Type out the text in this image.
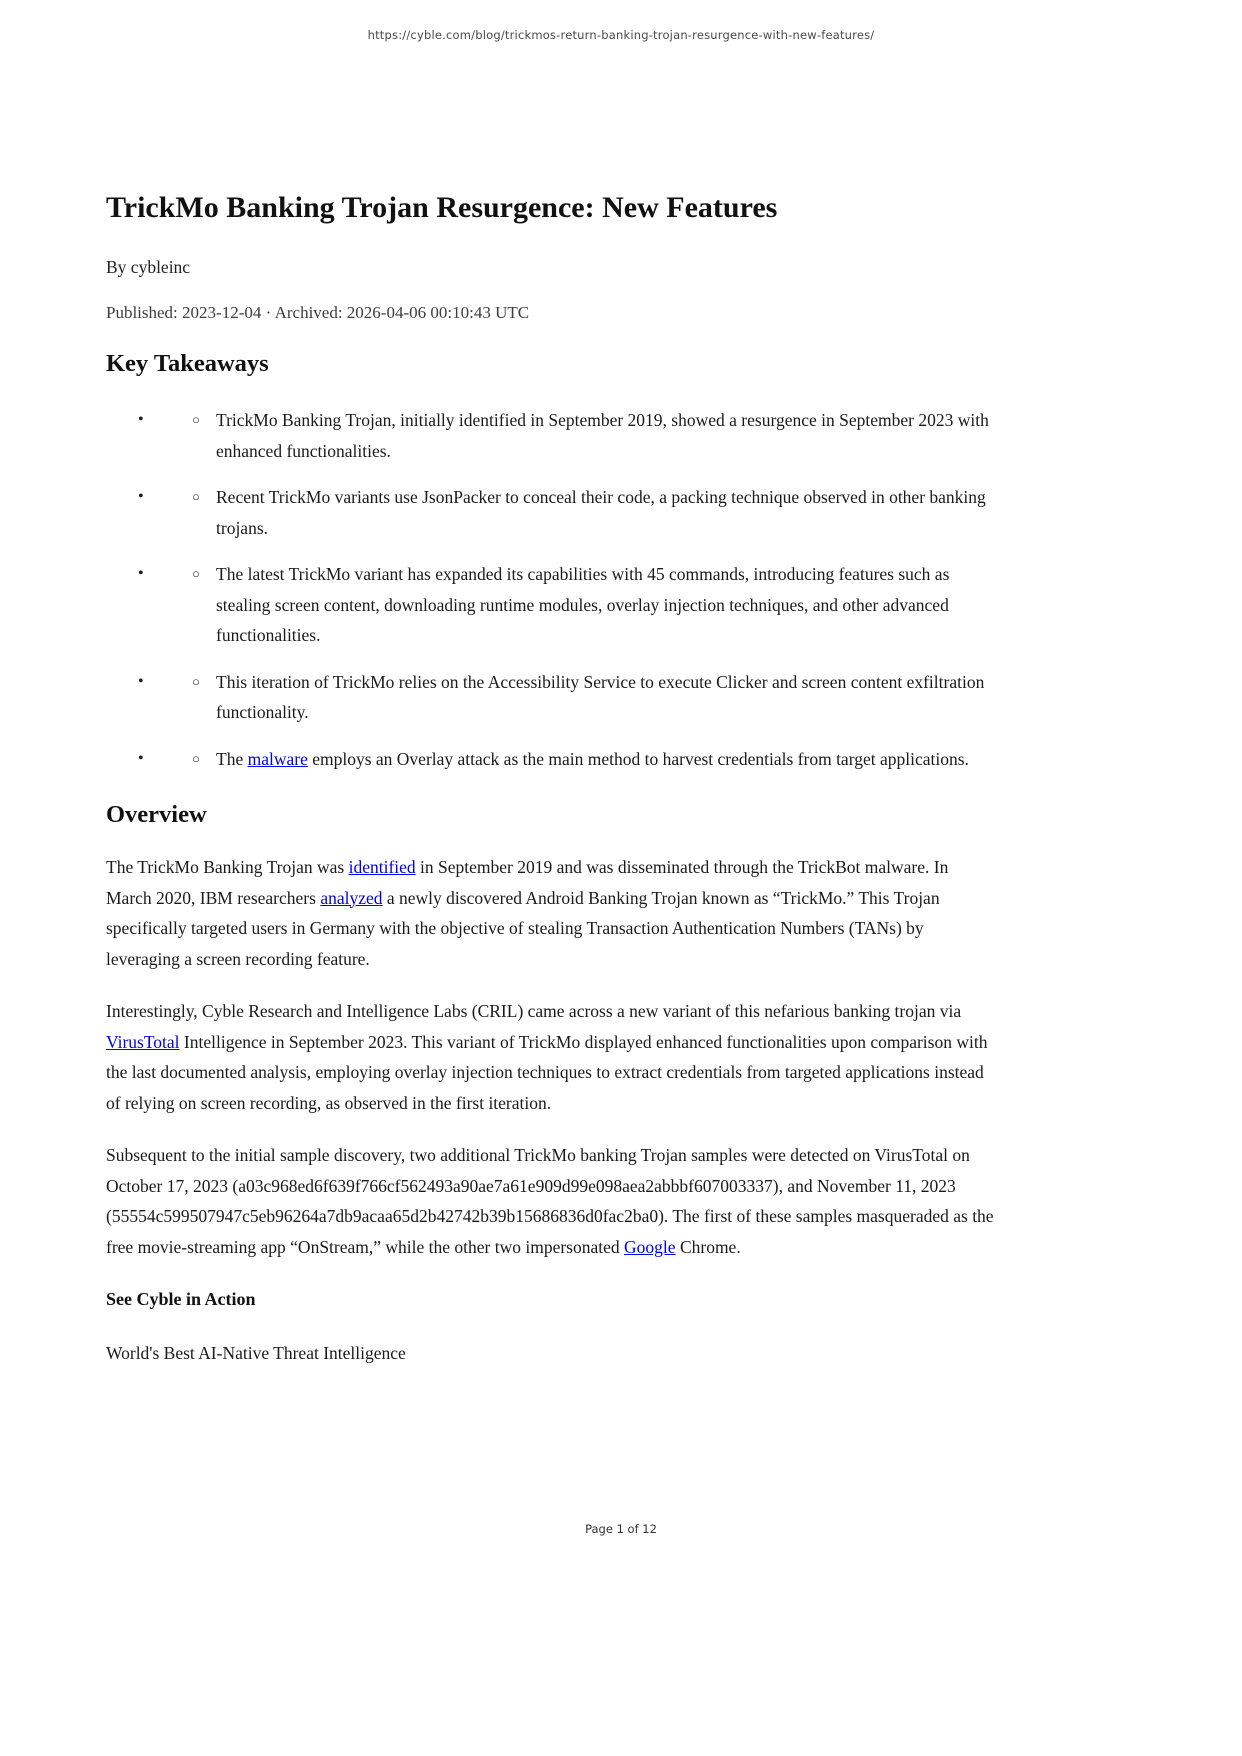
https://cyble.com/blog/trickmos-return-banking-trojan-resurgence-with-new-features/
TrickMo Banking Trojan Resurgence: New Features
By cybleinc
Published: 2023-12-04 · Archived: 2026-04-06 00:10:43 UTC
Key Takeaways
•	○ TrickMo Banking Trojan, initially identified in September 2019, showed a resurgence in September 2023 with enhanced functionalities.
•	○ Recent TrickMo variants use JsonPacker to conceal their code, a packing technique observed in other banking trojans.
•	○ The latest TrickMo variant has expanded its capabilities with 45 commands, introducing features such as stealing screen content, downloading runtime modules, overlay injection techniques, and other advanced functionalities.
•	○ This iteration of TrickMo relies on the Accessibility Service to execute Clicker and screen content exfiltration functionality.
•	○ The malware employs an Overlay attack as the main method to harvest credentials from target applications.
Overview

The TrickMo Banking Trojan was identified in September 2019 and was disseminated through the TrickBot malware. In March 2020, IBM researchers analyzed a newly discovered Android Banking Trojan known as “TrickMo.” This Trojan specifically targeted users in Germany with the objective of stealing Transaction Authentication Numbers (TANs) by leveraging a screen recording feature.

Interestingly, Cyble Research and Intelligence Labs (CRIL) came across a new variant of this nefarious banking trojan via VirusTotal Intelligence in September 2023. This variant of TrickMo displayed enhanced functionalities upon comparison with the last documented analysis, employing overlay injection techniques to extract credentials from targeted applications instead of relying on screen recording, as observed in the first iteration.

Subsequent to the initial sample discovery, two additional TrickMo banking Trojan samples were detected on VirusTotal on October 17, 2023 (a03c968ed6f639f766cf562493a90ae7a61e909d99e098aea2abbbf607003337), and November 11, 2023 (55554c599507947c5eb96264a7db9acaa65d2b42742b39b15686836d0fac2ba0). The first of these samples masqueraded as the free movie-streaming app “OnStream,” while the other two impersonated Google Chrome.

See Cyble in Action

World's Best AI-Native Threat Intelligence

Page 1 of 12
